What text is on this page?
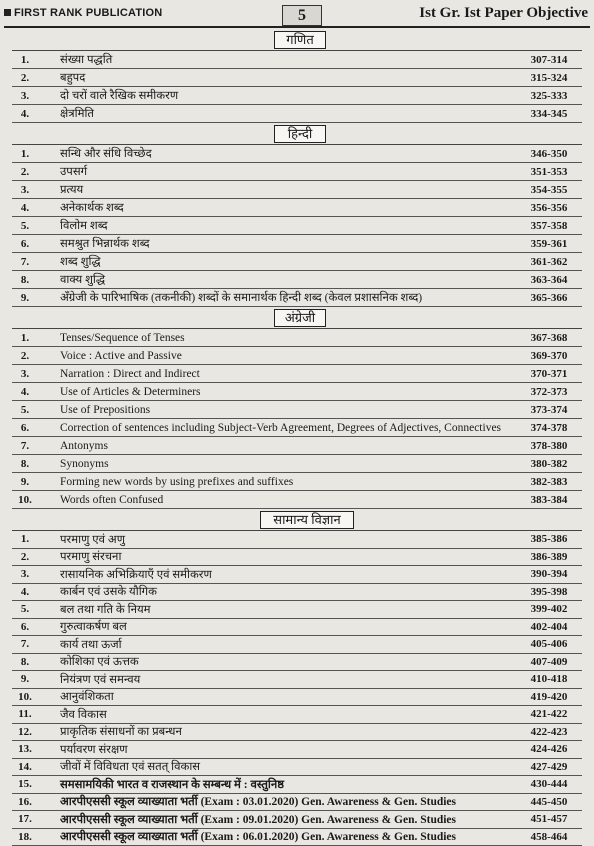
FIRST RANK PUBLICATION	5	Ist Gr. Ist Paper Objective
गणित
1.	संख्या पद्धति	307-314
2.	बहुपद	315-324
3.	दो चरों वाले रैखिक समीकरण	325-333
4.	क्षेत्रमिति	334-345
हिन्दी
1.	सन्धि और संधि विच्छेद	346-350
2.	उपसर्ग	351-353
3.	प्रत्यय	354-355
4.	अनेकार्थक शब्द	356-356
5.	विलोम शब्द	357-358
6.	समश्रुत भिन्नार्थक शब्द	359-361
7.	शब्द शुद्धि	361-362
8.	वाक्य शुद्धि	363-364
9.	अँग्रेजी के पारिभाषिक (तकनीकी) शब्दों के समानार्थक हिन्दी शब्द (केवल प्रशासनिक शब्द)	365-366
अंग्रेजी
1.	Tenses/Sequence of Tenses	367-368
2.	Voice : Active and Passive	369-370
3.	Narration : Direct and Indirect	370-371
4.	Use of Articles & Determiners	372-373
5.	Use of Prepositions	373-374
6.	Correction of sentences including Subject-Verb Agreement, Degrees of Adjectives, Connectives	374-378
7.	Antonyms	378-380
8.	Synonyms	380-382
9.	Forming new words by using prefixes and suffixes	382-383
10.	Words often Confused	383-384
सामान्य विज्ञान
1.	परमाणु एवं अणु	385-386
2.	परमाणु संरचना	386-389
3.	रासायनिक अभिक्रियाएँ एवं समीकरण	390-394
4.	कार्बन एवं उसके यौगिक	395-398
5.	बल तथा गति के नियम	399-402
6.	गुरुत्वाकर्षण बल	402-404
7.	कार्य तथा ऊर्जा	405-406
8.	कोशिका एवं ऊत्तक	407-409
9.	नियंत्रण एवं समन्वय	410-418
10.	आनुवंशिकता	419-420
11.	जैव विकास	421-422
12.	प्राकृतिक संसाधनों का प्रबन्धन	422-423
13.	पर्यावरण संरक्षण	424-426
14.	जीवों में विविधता एवं सतत् विकास	427-429
15.	समसामयिकी भारत व राजस्थान के सम्बन्ध में : वस्तुनिष्ठ	430-444
16.	आरपीएससी स्कूल व्याख्याता भर्ती (Exam : 03.01.2020) Gen. Awareness & Gen. Studies	445-450
17.	आरपीएससी स्कूल व्याख्याता भर्ती (Exam : 09.01.2020) Gen. Awareness & Gen. Studies	451-457
18.	आरपीएससी स्कूल व्याख्याता भर्ती (Exam : 06.01.2020) Gen. Awareness & Gen. Studies	458-464
